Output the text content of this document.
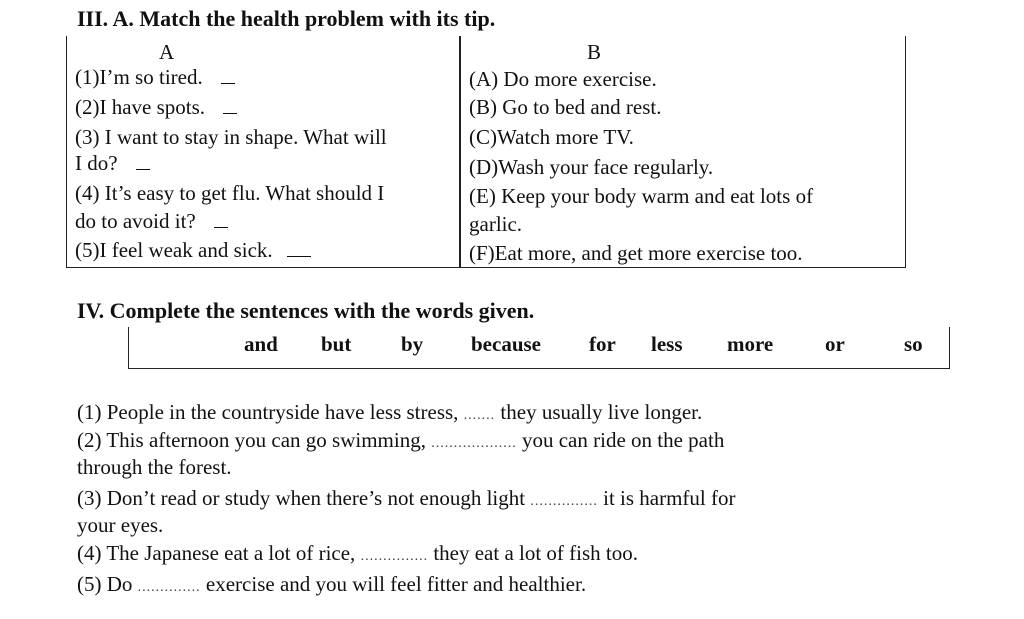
III. A. Match the health problem with its tip.
A	B
(1)I’m so tired.
(2)I have spots.
(3) I want to stay in shape. What will
I do?
(4) It’s easy to get flu. What should I
do to avoid it?
(5)I feel weak and sick.
(A) Do more exercise.
(B) Go to bed and rest.
(C)Watch more TV.
(D)Wash your face regularly.
(E) Keep your body warm and eat lots of
garlic.
(F)Eat more, and get more exercise too.
IV. Complete the sentences with the words given.
and but by because for less more or	so
(1) People in the countryside have less stress, ....... they usually live longer.
(2) This afternoon you can go swimming, ................... you can ride on the path
through the forest.
(3) Don’t read or study when there’s not enough light ............... it is harmful for
your eyes.
(4) The Japanese eat a lot of rice, ............... they eat a lot of fish too.
(5) Do .............. exercise and you will feel fitter and healthier.
